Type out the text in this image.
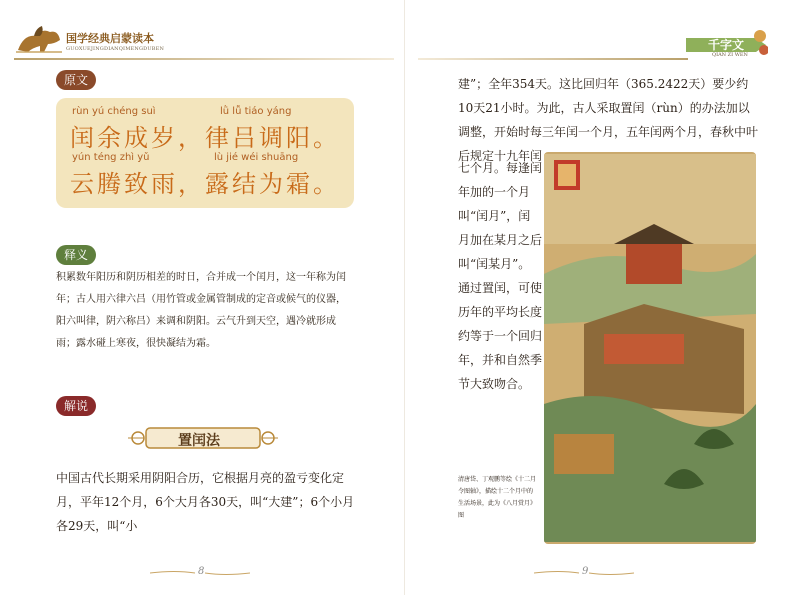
国学经典启蒙读本
GUOXUEJINGDIANQIMENGDUBEN
原文
rùn yú chéng suì	lǜ lǚ tiáo yáng
闰余成岁，律吕调阳。
yún téng zhì yǔ	lù jié wéi shuāng
云腾致雨，露结为霜。
释义
积累数年阳历和阴历相差的时日，合并成一个闰月，这一年称为闰年；古人用六律六吕（用竹管或金属管制成的定音或候气的仪器，阳六叫律，阴六称吕）来调和阴阳。云气升到天空，遇冷就形成雨；露水碰上寒夜，很快凝结为霜。
解说
置闰法
中国古代长期采用阴阳合历，它根据月亮的盈亏变化定月，平年12个月，6个大月各30天，叫“大建”；6个小月各29天，叫“小
8
千字文
QIAN ZI WEN
建”；全年354天。这比回归年（365.2422天）要少约10天21小时。为此，古人采取置闰（rùn）的办法加以调整，开始时每三年闰一个月，五年闰两个月，春秋中叶后规定十九年闰
七个月。每逢闰年加的一个月叫“闰月”，闰月加在某月之后叫“闰某月”。通过置闰，可使历年的平均长度约等于一个回归年，并和自然季节大致吻合。
清唐岱、丁观鹏等绘《十二月令图轴》，描绘十二个月中的生活场景，此为《八月赏月》图
9
